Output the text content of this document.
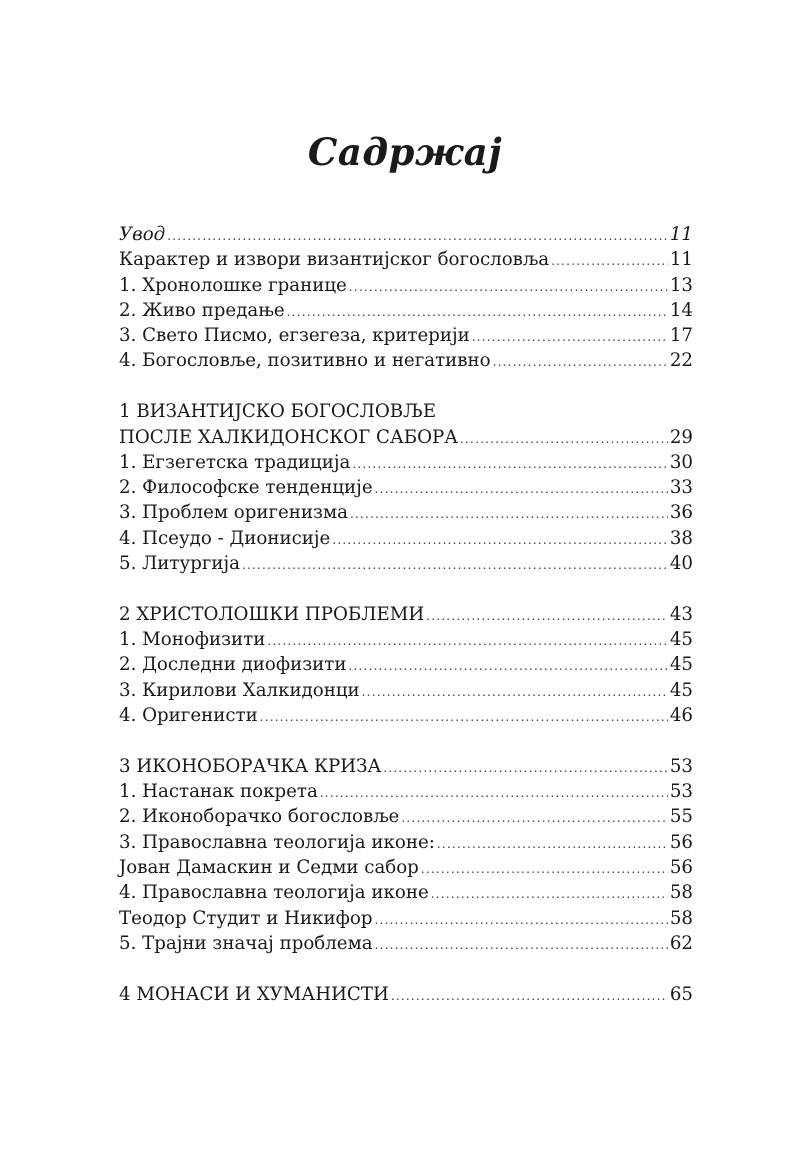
Садржај
Увод .....	11
Карактер и извори византијског богословља .....	11
1. Хронолошке границе .....	13
2. Живо предање .....	14
3. Свето Писмо, егзегеза, критерији .....	17
4. Богословље, позитивно и негативно .....	22
1 ВИЗАНТИЈСКО БОГОСЛОВЉЕ
ПОСЛЕ ХАЛКИДОНСКОГ САБОРА .....	29
1. Егзегетска традиција .....	30
2. Философске тенденције .....	33
3. Проблем оригенизма .....	36
4. Псеудо - Дионисије .....	38
5. Литургија .....	40
2 ХРИСТОЛОШКИ ПРОБЛЕМИ .....	43
1. Монофизити .....	45
2. Доследни диофизити .....	45
3. Кирилови Халкидонци .....	45
4. Оригенисти .....	46
3 ИКОНОБОРАЧКА КРИЗА .....	53
1. Настанак покрета .....	53
2. Иконоборачко богословље .....	55
3. Православна теологија иконе: .....	56
Јован Дамаскин и Седми сабор .....	56
4. Православна теологија иконе .....	58
Теодор Студит и Никифор .....	58
5. Трајни значај проблема .....	62
4 МОНАСИ И ХУМАНИСТИ .....	65
